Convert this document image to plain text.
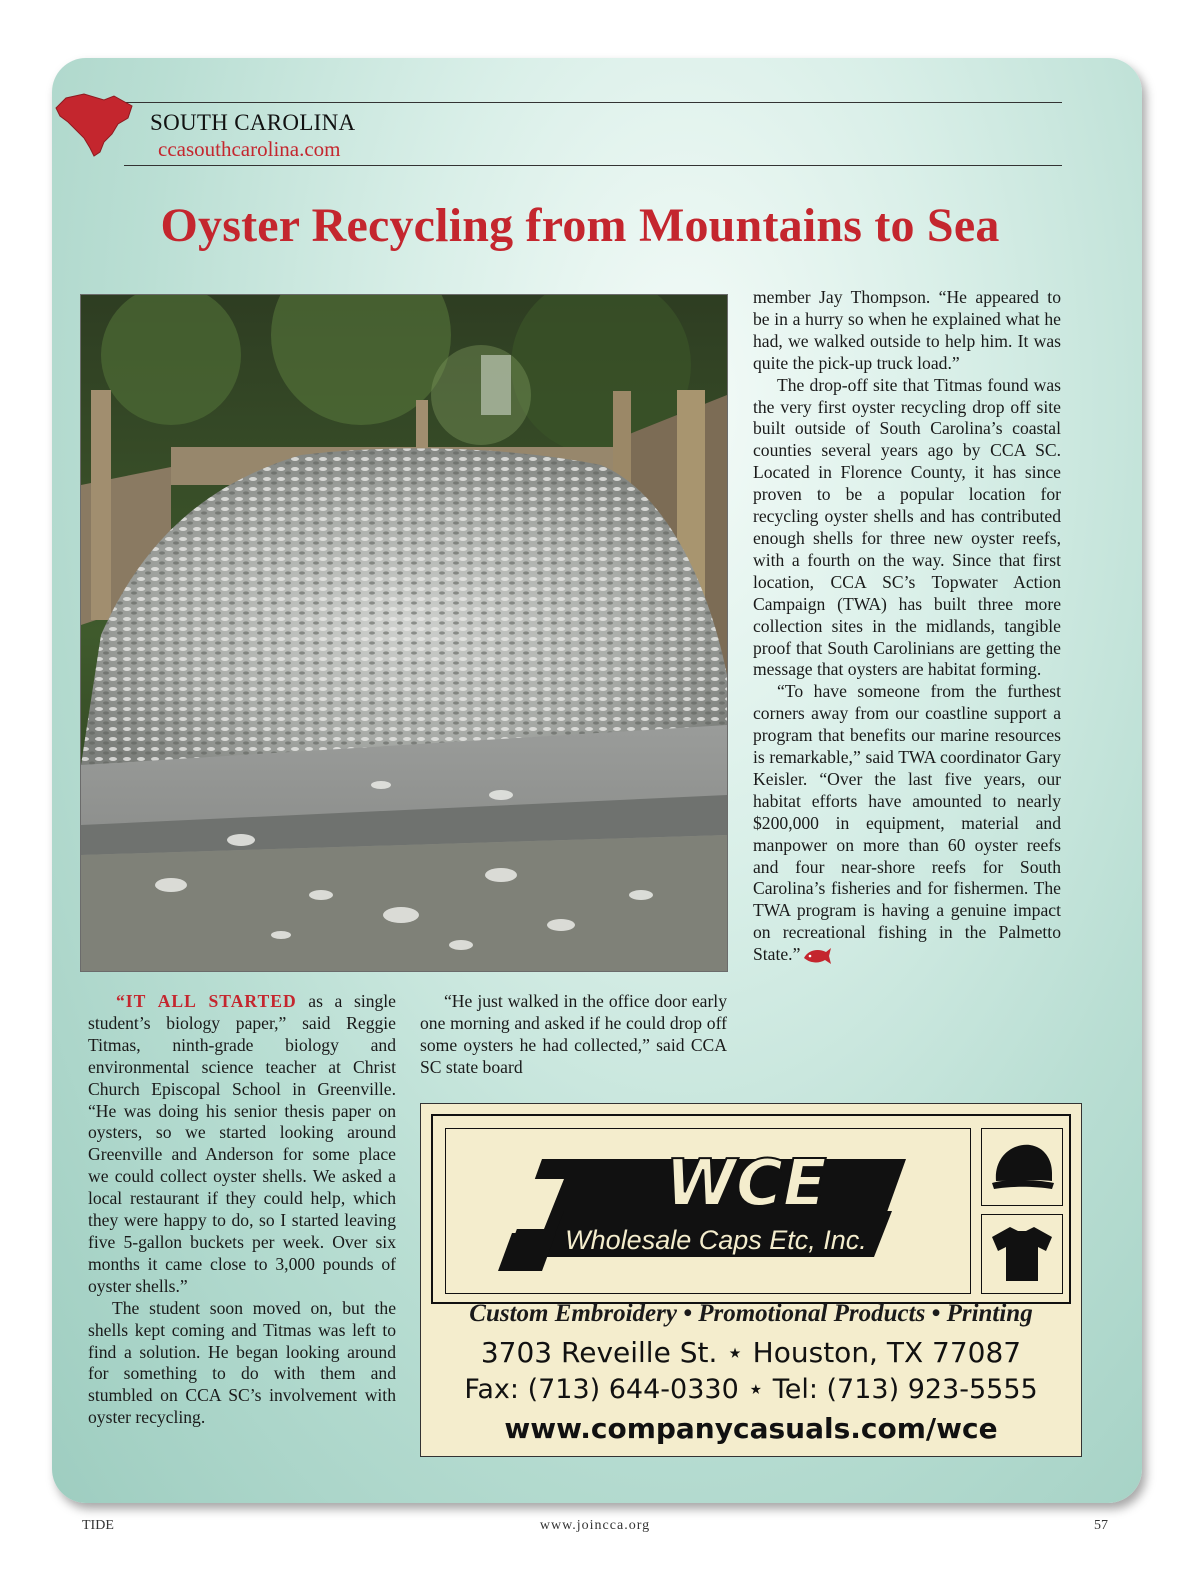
SOUTH CAROLINA
ccasouthcarolina.com
Oyster Recycling from Mountains to Sea

“IT ALL STARTED as a single student’s biology paper,” said Reggie Titmas, ninth-grade biology and environmental science teacher at Christ Church Episcopal School in Greenville. “He was doing his senior thesis paper on oysters, so we started looking around Greenville and Anderson for some place we could collect oyster shells. We asked a local restaurant if they could help, which they were happy to do, so I started leaving five 5-gallon buckets per week. Over six months it came close to 3,000 pounds of oyster shells.”

The student soon moved on, but the shells kept coming and Titmas was left to find a solution. He began looking around for something to do with them and stumbled on CCA SC’s involvement with oyster recycling.

“He just walked in the office door early one morning and asked if he could drop off some oysters he had collected,” said CCA SC state board

member Jay Thompson. “He appeared to be in a hurry so when he explained what he had, we walked outside to help him. It was quite the pick-up truck load.”

The drop-off site that Titmas found was the very first oyster recycling drop off site built outside of South Carolina’s coastal counties several years ago by CCA SC. Located in Florence County, it has since proven to be a popular location for recycling oyster shells and has contributed enough shells for three new oyster reefs, with a fourth on the way. Since that first location, CCA SC’s Topwater Action Campaign (TWA) has built three more collection sites in the midlands, tangible proof that South Carolinians are getting the message that oysters are habitat forming.

“To have someone from the furthest corners away from our coastline support a program that benefits our marine resources is remarkable,” said TWA coordinator Gary Keisler. “Over the last five years, our habitat efforts have amounted to nearly $200,000 in equipment, material and manpower on more than 60 oyster reefs and four near-shore reefs for South Carolina’s fisheries and for fishermen. The TWA program is having a genuine impact on recreational fishing in the Palmetto State.”

WCE
Wholesale Caps Etc, Inc.
Custom Embroidery • Promotional Products • Printing
3703 Reveille St. ⋆ Houston, TX 77087
Fax: (713) 644-0330 ⋆ Tel: (713) 923-5555
www.companycasuals.com/wce
TIDE	www.joincca.org	57
